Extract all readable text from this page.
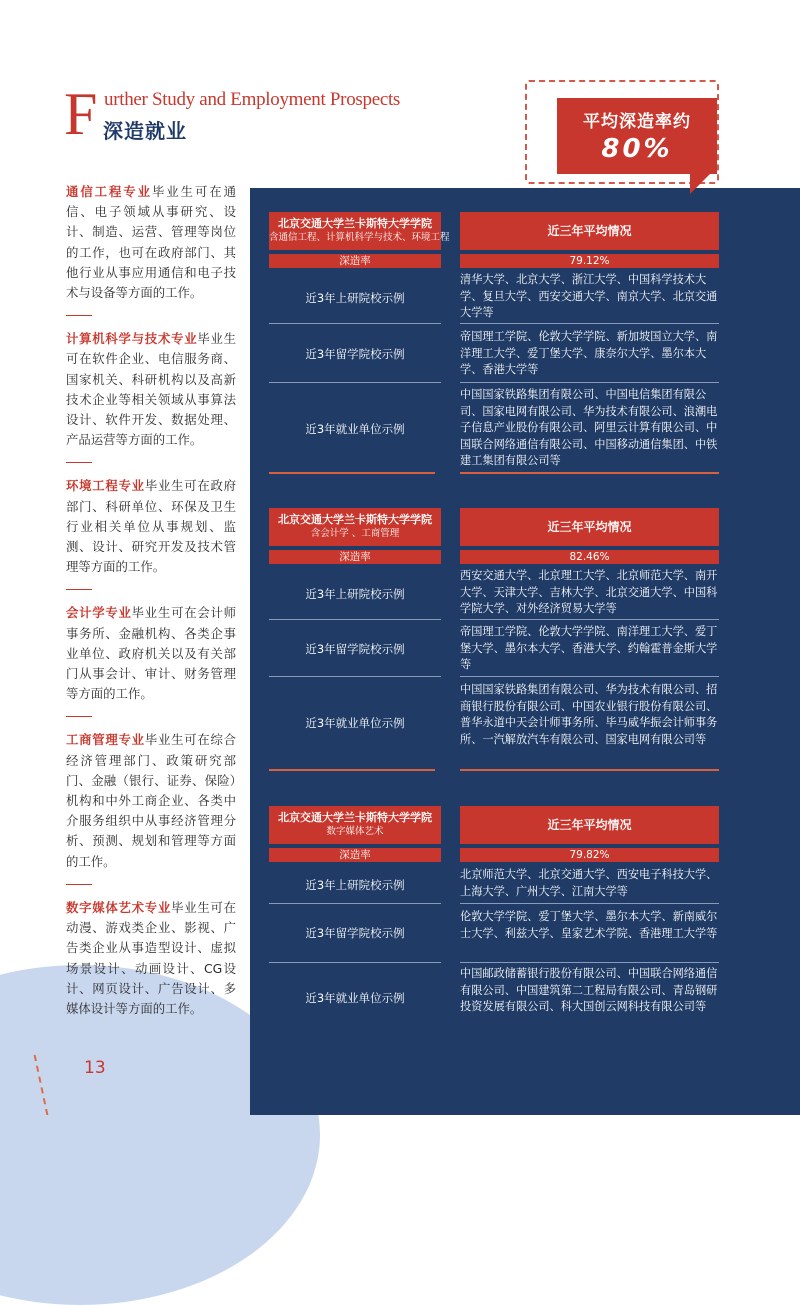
F urther Study and Employment Prospects
深造就业	平均深造率约
80%

通信工程专业毕业生可在通信、电子领域从事研究、设计、制造、运营、管理等岗位的工作，也可在政府部门、其他行业从事应用通信和电子技术与设备等方面的工作。

计算机科学与技术专业毕业生可在软件企业、电信服务商、国家机关、科研机构以及高新技术企业等相关领域从事算法设计、软件开发、数据处理、产品运营等方面的工作。

环境工程专业毕业生可在政府部门、科研单位、环保及卫生行业相关单位从事规划、监测、设计、研究开发及技术管理等方面的工作。

会计学专业毕业生可在会计师事务所、金融机构、各类企事业单位、政府机关以及有关部门从事会计、审计、财务管理等方面的工作。

工商管理专业毕业生可在综合经济管理部门、政策研究部门、金融（银行、证券、保险）机构和中外工商企业、各类中介服务组织中从事经济管理分析、预测、规划和管理等方面的工作。

数字媒体艺术专业毕业生可在动漫、游戏类企业、影视、广告类企业从事造型设计、虚拟场景设计、动画设计、CG设计、网页设计、广告设计、多媒体设计等方面的工作。

13
北京交通大学兰卡斯特大学学院
含通信工程、计算机科学与技术、环境工程	近三年平均情况
深造率	79.12%
近3年上研院校示例
清华大学、北京大学、浙江大学、中国科学技术大学、复旦大学、西安交通大学、南京大学、北京交通大学等
近3年留学院校示例
帝国理工学院、伦敦大学学院、新加坡国立大学、南洋理工大学、爱丁堡大学、康奈尔大学、墨尔本大学、香港大学等
近3年就业单位示例
中国国家铁路集团有限公司、中国电信集团有限公司、国家电网有限公司、华为技术有限公司、浪潮电子信息产业股份有限公司、阿里云计算有限公司、中国联合网络通信有限公司、中国移动通信集团、中铁建工集团有限公司等
北京交通大学兰卡斯特大学学院
含会计学 、工商管理	近三年平均情况
深造率	82.46%
近3年上研院校示例
西安交通大学、北京理工大学、北京师范大学、南开大学、天津大学、吉林大学、北京交通大学、中国科学院大学、对外经济贸易大学等
近3年留学院校示例
帝国理工学院、伦敦大学学院、南洋理工大学、爱丁堡大学、墨尔本大学、香港大学、约翰霍普金斯大学等
近3年就业单位示例
中国国家铁路集团有限公司、华为技术有限公司、招商银行股份有限公司、中国农业银行股份有限公司、普华永道中天会计师事务所、毕马威华振会计师事务所、一汽解放汽车有限公司、国家电网有限公司等
北京交通大学兰卡斯特大学学院
数字媒体艺术	近三年平均情况
深造率	79.82%
近3年上研院校示例
北京师范大学、北京交通大学、西安电子科技大学、上海大学、广州大学、江南大学等
近3年留学院校示例
伦敦大学学院、爱丁堡大学、墨尔本大学、新南威尔士大学、利兹大学、皇家艺术学院、香港理工大学等
近3年就业单位示例
中国邮政储蓄银行股份有限公司、中国联合网络通信有限公司、中国建筑第二工程局有限公司、青岛钢研投资发展有限公司、科大国创云网科技有限公司等
